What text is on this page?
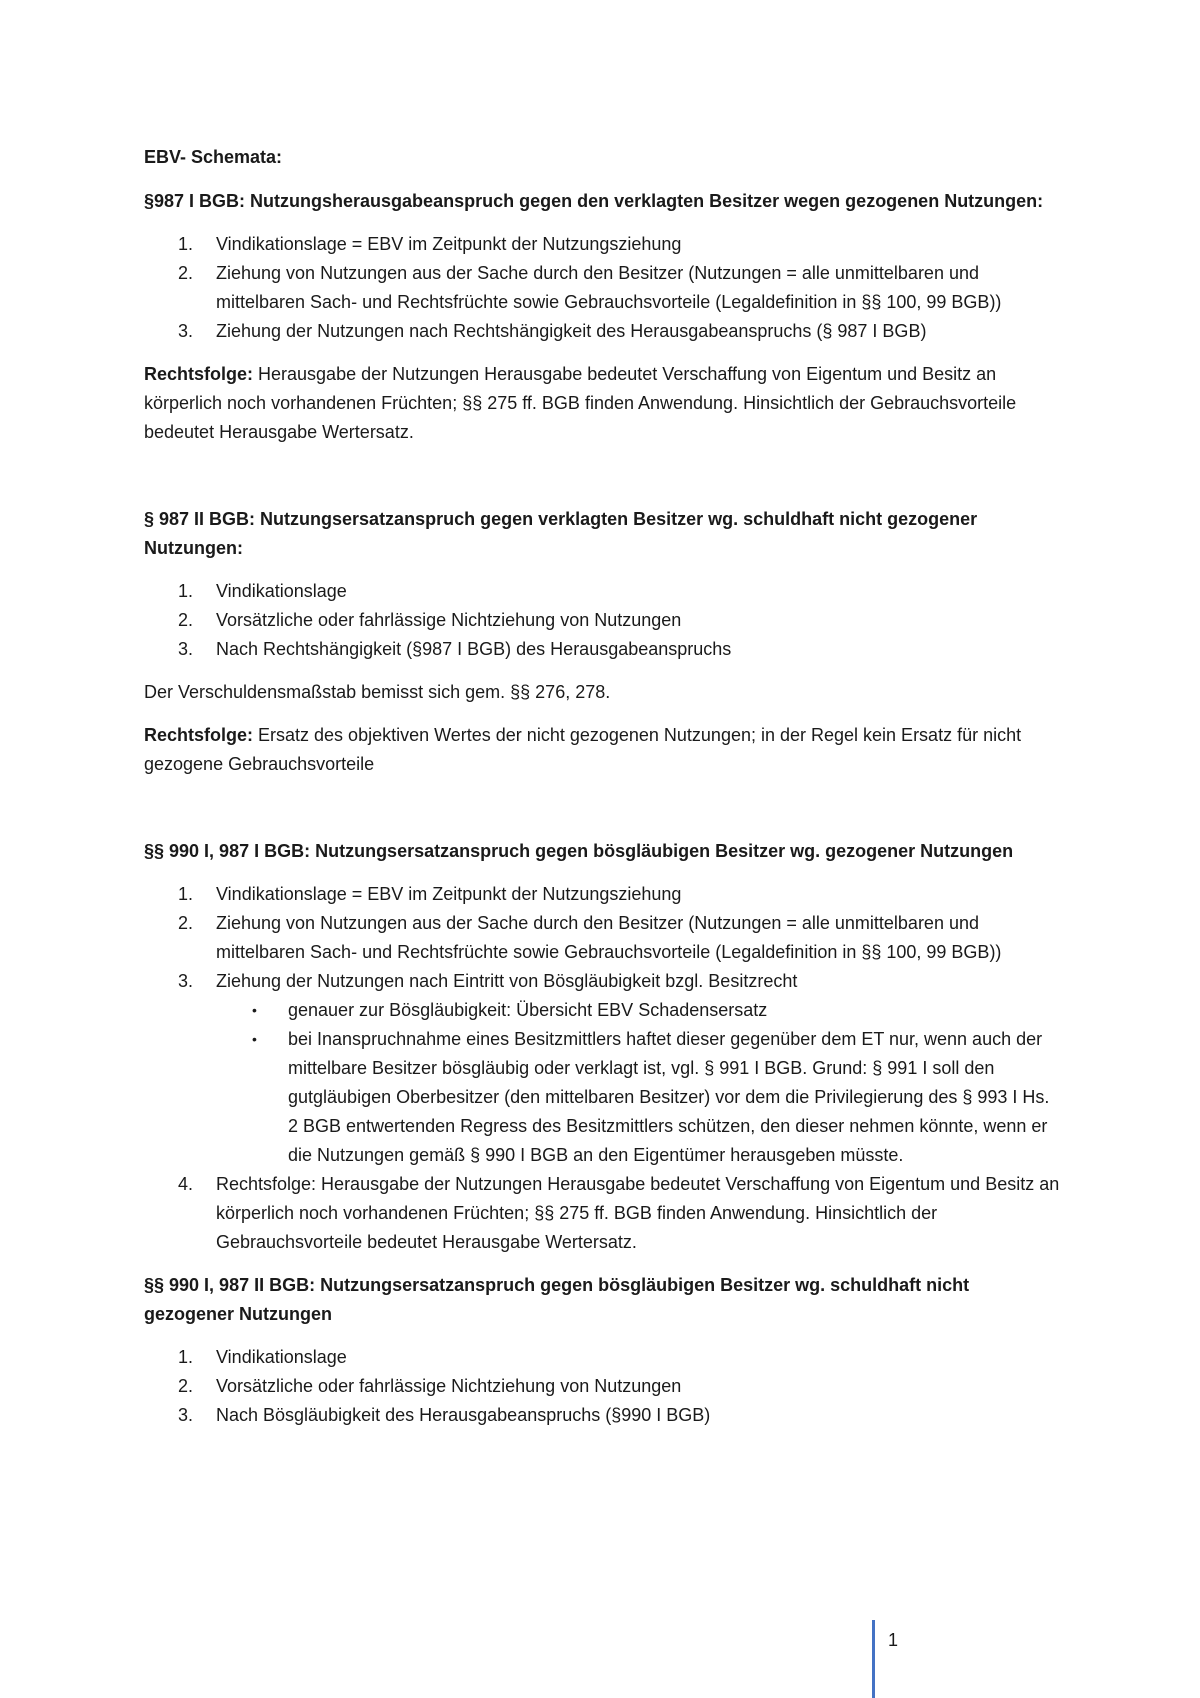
EBV- Schemata:
§987 I BGB: Nutzungsherausgabeanspruch gegen den verklagten Besitzer wegen gezogenen Nutzungen:
1. Vindikationslage = EBV im Zeitpunkt der Nutzungsziehung
2. Ziehung von Nutzungen aus der Sache durch den Besitzer (Nutzungen = alle unmittelbaren und mittelbaren Sach- und Rechtsfrüchte sowie Gebrauchsvorteile (Legaldefinition in §§ 100, 99 BGB))
3. Ziehung der Nutzungen nach Rechtshängigkeit des Herausgabeanspruchs (§ 987 I BGB)

Rechtsfolge: Herausgabe der Nutzungen Herausgabe bedeutet Verschaffung von Eigentum und Besitz an körperlich noch vorhandenen Früchten; §§ 275 ff. BGB finden Anwendung. Hinsichtlich der Gebrauchsvorteile bedeutet Herausgabe Wertersatz.

§ 987 II BGB: Nutzungsersatzanspruch gegen verklagten Besitzer wg. schuldhaft nicht gezogener Nutzungen:
1. Vindikationslage
2. Vorsätzliche oder fahrlässige Nichtziehung von Nutzungen
3. Nach Rechtshängigkeit (§987 I BGB) des Herausgabeanspruchs

Der Verschuldensmaßstab bemisst sich gem. §§ 276, 278.

Rechtsfolge: Ersatz des objektiven Wertes der nicht gezogenen Nutzungen; in der Regel kein Ersatz für nicht gezogene Gebrauchsvorteile

§§ 990 I, 987 I BGB: Nutzungsersatzanspruch gegen bösgläubigen Besitzer wg. gezogener Nutzungen
1. Vindikationslage = EBV im Zeitpunkt der Nutzungsziehung
2. Ziehung von Nutzungen aus der Sache durch den Besitzer (Nutzungen = alle unmittelbaren und mittelbaren Sach- und Rechtsfrüchte sowie Gebrauchsvorteile (Legaldefinition in §§ 100, 99 BGB))
3. Ziehung der Nutzungen nach Eintritt von Bösgläubigkeit bzgl. Besitzrecht
• genauer zur Bösgläubigkeit: Übersicht EBV Schadensersatz
• bei Inanspruchnahme eines Besitzmittlers haftet dieser gegenüber dem ET nur, wenn auch der mittelbare Besitzer bösgläubig oder verklagt ist, vgl. § 991 I BGB. Grund: § 991 I soll den gutgläubigen Oberbesitzer (den mittelbaren Besitzer) vor dem die Privilegierung des § 993 I Hs. 2 BGB entwertenden Regress des Besitzmittlers schützen, den dieser nehmen könnte, wenn er die Nutzungen gemäß § 990 I BGB an den Eigentümer herausgeben müsste.
4. Rechtsfolge: Herausgabe der Nutzungen Herausgabe bedeutet Verschaffung von Eigentum und Besitz an körperlich noch vorhandenen Früchten; §§ 275 ff. BGB finden Anwendung. Hinsichtlich der Gebrauchsvorteile bedeutet Herausgabe Wertersatz.
§§ 990 I, 987 II BGB: Nutzungsersatzanspruch gegen bösgläubigen Besitzer wg. schuldhaft nicht gezogener Nutzungen
1. Vindikationslage
2. Vorsätzliche oder fahrlässige Nichtziehung von Nutzungen
3. Nach Bösgläubigkeit des Herausgabeanspruchs (§990 I BGB)
1
